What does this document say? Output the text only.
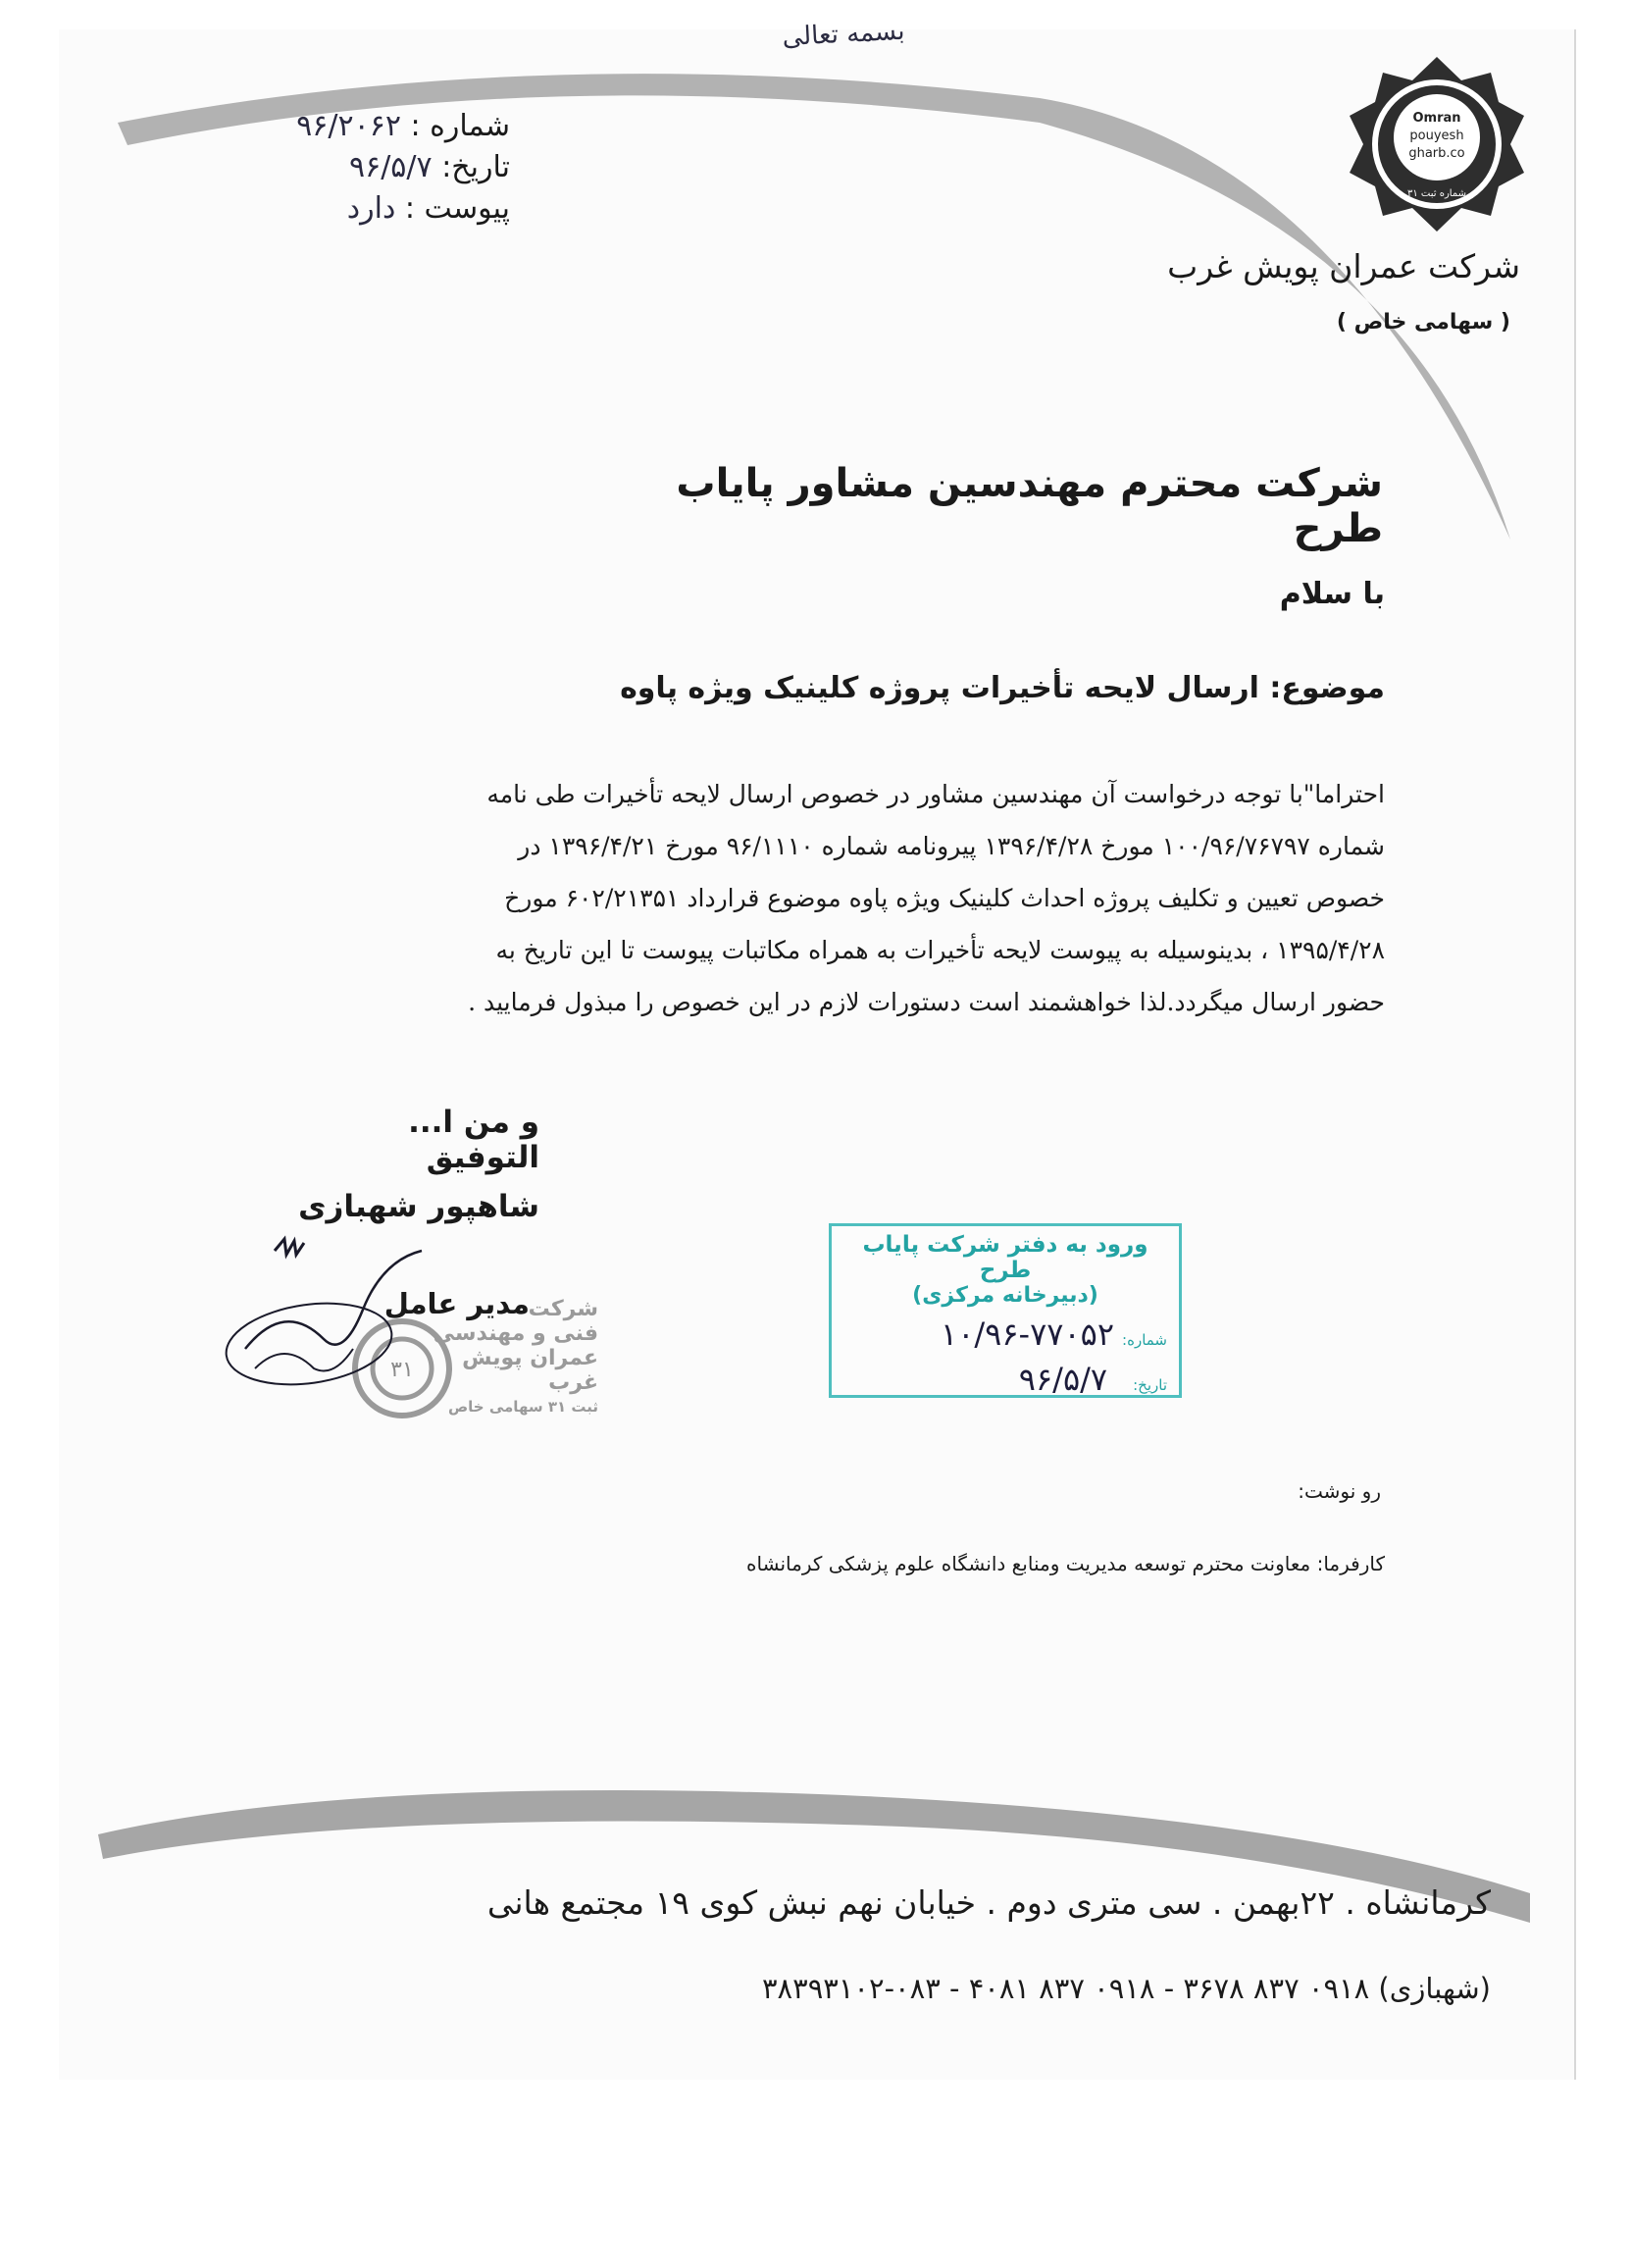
بسمه تعالی
شماره : ۹۶/۲۰۶۲
تاریخ: ۹۶/۵/۷
پیوست : دارد
Omran
pouyesh
gharb.co
شماره ثبت ۳۱
شرکت عمران پویش غرب
( سهامی خاص )
شرکت محترم مهندسین مشاور پایاب طرح
با سلام
موضوع: ارسال لایحه تأخیرات پروژه کلینیک ویژه پاوه
احتراما"با توجه درخواست آن مهندسین مشاور در خصوص ارسال لایحه تأخیرات طی نامه
شماره ۱۰۰/۹۶/۷۶۷۹۷ مورخ ۱۳۹۶/۴/۲۸ پیرونامه شماره ۹۶/۱۱۱۰ مورخ ۱۳۹۶/۴/۲۱ در
خصوص تعیین و تکلیف پروژه احداث کلینیک ویژه پاوه موضوع قرارداد ۶۰۲/۲۱۳۵۱ مورخ
۱۳۹۵/۴/۲۸ ، بدینوسیله به پیوست لایحه تأخیرات به همراه مکاتبات پیوست تا این تاریخ به
حضور ارسال میگردد.لذا خواهشمند است دستورات لازم در این خصوص را مبذول فرمایید .
و من ا... التوفیق
شاهپور شهبازی
مدیر عامل
۳۱
شرکت
فنی و مهندسی
عمران پویش غرب
ثبت ۳۱ سهامی خاص
ورود به دفتر شرکت پایاب طرح
(دبیرخانه مرکزی)
شماره:
۱۰/۹۶-۷۷۰۵۲
تاریخ:
۹۶/۵/۷
رو نوشت:
کارفرما: معاونت محترم توسعه مدیریت ومنابع دانشگاه علوم پزشکی کرمانشاه
کرمانشاه . ۲۲بهمن . سی متری دوم . خیابان نهم نبش کوی ۱۹ مجتمع هانی
(شهبازی) ۰۹۱۸ ۸۳۷ ۳۶۷۸ - ۰۹۱۸ ۸۳۷ ۴۰۸۱ - ۰۸۳-۳۸۳۹۳۱۰۲
